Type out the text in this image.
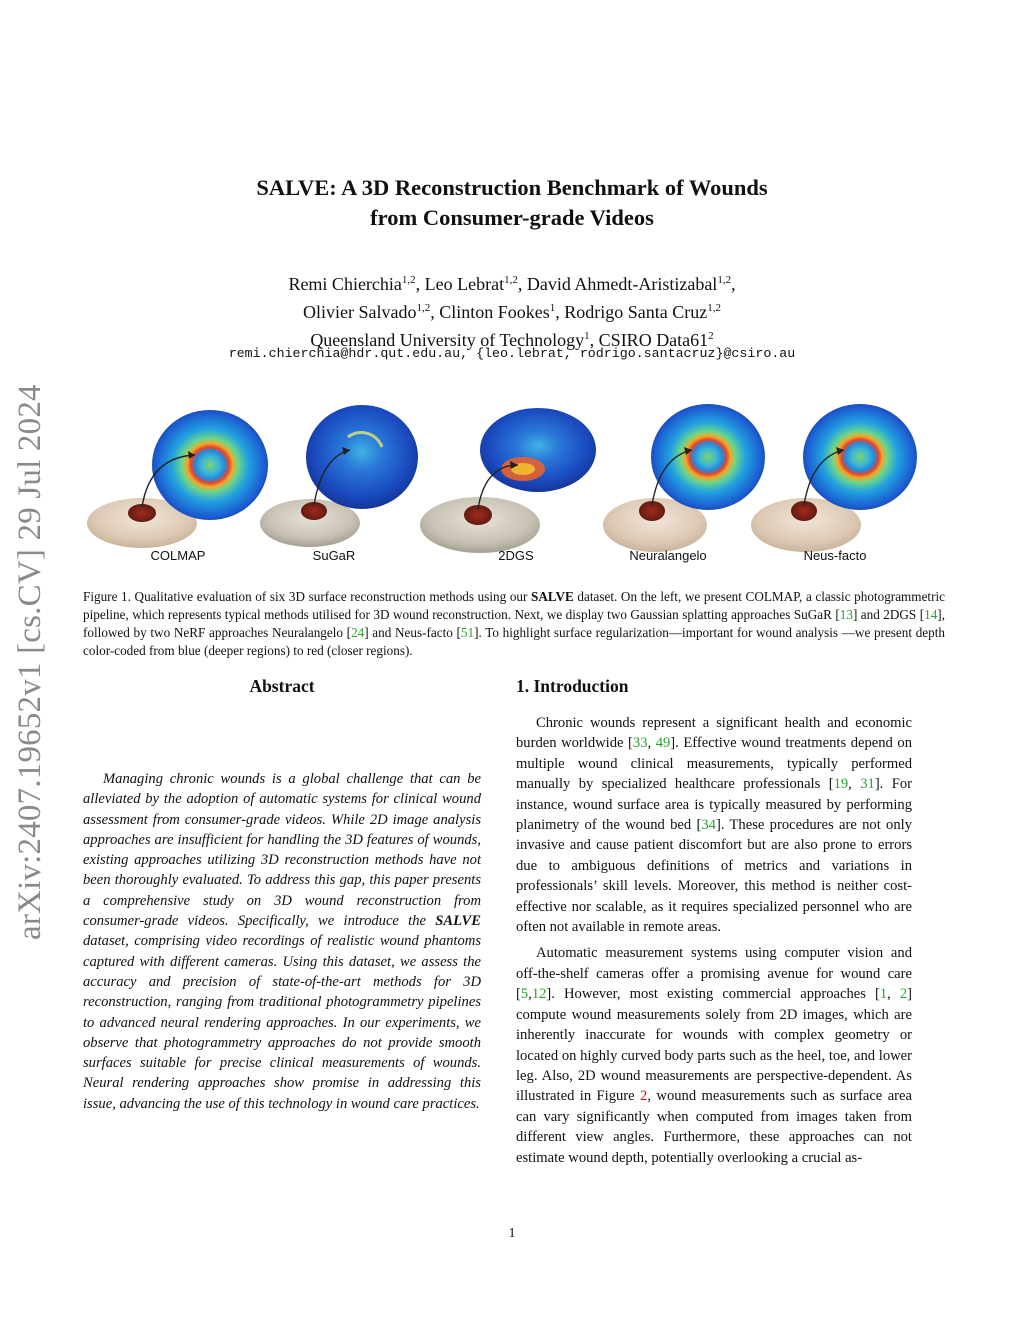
arXiv:2407.19652v1 [cs.CV] 29 Jul 2024
SALVE: A 3D Reconstruction Benchmark of Wounds
from Consumer-grade Videos
Remi Chierchia$^{1,2}$, Leo Lebrat$^{1,2}$, David Ahmedt-Aristizabal$^{1,2}$,
Olivier Salvado$^{1,2}$, Clinton Fookes$^1$, Rodrigo Santa Cruz$^{1,2}$
Queensland University of Technology$^1$, CSIRO $Data61^2$
remi.chierchia@hdr.qut.edu.au, {leo.lebrat, rodrigo.santacruz}@csiro.au
COLMAP	SuGaR	2DGS	Neuralangelo	Neus-facto
Figure 1. Qualitative evaluation of six 3D surface reconstruction methods using our SALVE dataset. On the left, we present COLMAP, a classic photogrammetric pipeline, which represents typical methods utilised for 3D wound reconstruction. Next, we display two Gaussian splatting approaches SuGaR [13] and 2DGS [14], followed by two NeRF approaches Neuralangelo [24] and Neus-facto [51]. To highlight surface regularization—important for wound analysis —we present depth color-coded from blue (deeper regions) to red (closer regions).
Abstract

Managing chronic wounds is a global challenge that can be alleviated by the adoption of automatic systems for clinical wound assessment from consumer-grade videos. While 2D image analysis approaches are insufficient for handling the 3D features of wounds, existing approaches utilizing 3D reconstruction methods have not been thoroughly evaluated. To address this gap, this paper presents a comprehensive study on 3D wound reconstruction from consumer-grade videos. Specifically, we introduce the SALVE dataset, comprising video recordings of realistic wound phantoms captured with different cameras. Using this dataset, we assess the accuracy and precision of state-of-the-art methods for 3D reconstruction, ranging from traditional photogrammetry pipelines to advanced neural rendering approaches. In our experiments, we observe that photogrammetry approaches do not provide smooth surfaces suitable for precise clinical measurements of wounds. Neural rendering approaches show promise in addressing this issue, advancing the use of this technology in wound care practices.

1. Introduction

Chronic wounds represent a significant health and economic burden worldwide [33, 49]. Effective wound treatments depend on multiple wound clinical measurements, typically performed manually by specialized healthcare professionals [19, 31]. For instance, wound surface area is typically measured by performing planimetry of the wound bed [34]. These procedures are not only invasive and cause patient discomfort but are also prone to errors due to ambiguous definitions of metrics and variations in professionals’ skill levels. Moreover, this method is neither cost-effective nor scalable, as it requires specialized personnel who are often not available in remote areas.

Automatic measurement systems using computer vision and off-the-shelf cameras offer a promising avenue for wound care [5,12]. However, most existing commercial approaches [1, 2] compute wound measurements solely from 2D images, which are inherently inaccurate for wounds with complex geometry or located on highly curved body parts such as the heel, toe, and lower leg. Also, 2D wound measurements are perspective-dependent. As illustrated in Figure 2, wound measurements such as surface area can vary significantly when computed from images taken from different view angles. Furthermore, these approaches can not estimate wound depth, potentially overlooking a crucial as-

1
